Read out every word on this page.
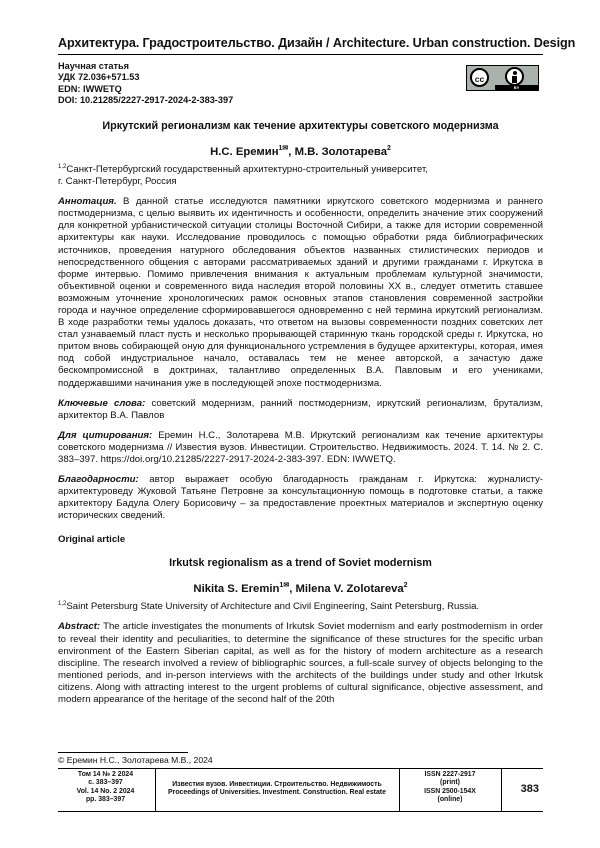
Архитектура. Градостроительство. Дизайн / Architecture. Urban construction. Design
Научная статья
УДК 72.036+571.53
EDN: IWWETQ
DOI: 10.21285/2227-2917-2024-2-383-397
cc
BY
Иркутский регионализм как течение архитектуры советского модернизма
Н.С. Еремин$^{1✉}$, М.В. Золотарева$^2$
$^{1,2}$Санкт-Петербургский государственный архитектурно-строительный университет,
г. Санкт-Петербург, Россия
Аннотация. В данной статье исследуются памятники иркутского советского модернизма и раннего постмодернизма, с целью выявить их идентичность и особенности, определить значение этих сооружений для конкретной урбанистической ситуации столицы Восточной Сибири, а также для истории современной архитектуры как науки. Исследование проводилось с помощью обработки ряда библиографических источников, проведения натурного обследования объектов названных стилистических периодов и непосредственного общения с авторами рассматриваемых зданий и другими гражданами г. Иркутска в форме интервью. Помимо привлечения внимания к актуальным проблемам культурной значимости, объективной оценки и современного вида наследия второй половины XX в., следует отметить ставшее возможным уточнение хронологических рамок основных этапов становления современной застройки города и научное определение сформировавшегося одновременно с ней термина иркутский регионализм. В ходе разработки темы удалось доказать, что ответом на вызовы современности поздних советских лет стал узнаваемый пласт пусть и несколько прорывающей старинную ткань городской среды г. Иркутска, но притом вновь собирающей оную для функционального устремления в будущее архитектуры, которая, имея под собой индустриальное начало, оставалась тем не менее авторской, а зачастую даже бескомпромиссной в доктринах, талантливо определенных В.А. Павловым и его учениками, поддержавшими начинания уже в последующей эпохе постмодернизма.
Ключевые слова: советский модернизм, ранний постмодернизм, иркутский регионализм, брутализм, архитектор В.А. Павлов
Для цитирования: Еремин Н.С., Золотарева М.В. Иркутский регионализм как течение архитектуры советского модернизма // Известия вузов. Инвестиции. Строительство. Недвижимость. 2024. Т. 14. № 2. С. 383–397. https://doi.org/10.21285/2227-2917-2024-2-383-397. EDN: IWWETQ.
Благодарности: автор выражает особую благодарность гражданам г. Иркутска: журналисту-архитектуроведу Жуковой Татьяне Петровне за консультационную помощь в подготовке статьи, а также архитектору Бадула Олегу Борисовичу – за предоставление проектных материалов и экспертную оценку исторических сведений.
Original article
Irkutsk regionalism as a trend of Soviet modernism
Nikita S. Eremin$^{1✉}$, Milena V. Zolotareva$^2$
$^{1,2}$Saint Petersburg State University of Architecture and Civil Engineering, Saint Petersburg, Russia.
Abstract: The article investigates the monuments of Irkutsk Soviet modernism and early postmodernism in order to reveal their identity and peculiarities, to determine the significance of these structures for the specific urban environment of the Eastern Siberian capital, as well as for the history of modern architecture as a research discipline. The research involved a review of bibliographic sources, a full-scale survey of objects belonging to the mentioned periods, and in-person interviews with the architects of the buildings under study and other Irkutsk citizens. Along with attracting interest to the urgent problems of cultural significance, objective assessment, and modern appearance of the heritage of the second half of the 20th
© Еремин Н.С., Золотарева М.В., 2024
Том 14 № 2 2024
с. 383–397
Vol. 14 No. 2 2024
pp. 383–397
Известия вузов. Инвестиции. Строительство. Недвижимость
Proceedings of Universities. Investment. Construction. Real estate
ISSN 2227-2917
(print)
ISSN 2500-154X
(online)
383
